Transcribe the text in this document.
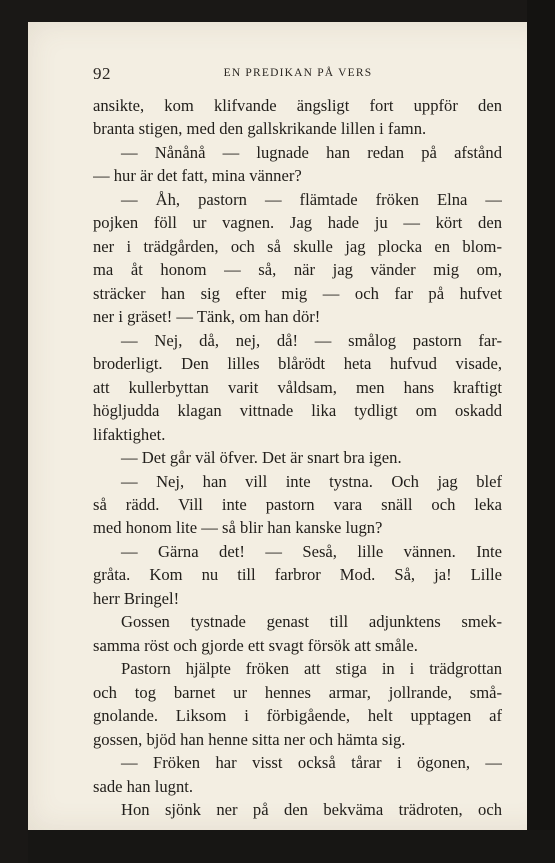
92	EN PREDIKAN PÅ VERS
ansikte, kom klifvande ängsligt fort uppför den
branta stigen, med den gallskrikande lillen i famn.
— Nånånå — lugnade han redan på afstånd
— hur är det fatt, mina vänner?
— Åh, pastorn — flämtade fröken Elna —
pojken föll ur vagnen. Jag hade ju — kört den
ner i trädgården, och så skulle jag plocka en blom-
ma åt honom — så, när jag vänder mig om,
sträcker han sig efter mig — och far på hufvet
ner i gräset! — Tänk, om han dör!
— Nej, då, nej, då! — smålog pastorn far-
broderligt. Den lilles blårödt heta hufvud visade,
att kullerbyttan varit våldsam, men hans kraftigt
högljudda klagan vittnade lika tydligt om oskadd
lifaktighet.
— Det går väl öfver. Det är snart bra igen.
— Nej, han vill inte tystna. Och jag blef
så rädd. Vill inte pastorn vara snäll och leka
med honom lite — så blir han kanske lugn?
— Gärna det! — Seså, lille vännen. Inte
gråta. Kom nu till farbror Mod. Så, ja! Lille
herr Bringel!
Gossen tystnade genast till adjunktens smek-
samma röst och gjorde ett svagt försök att småle.
Pastorn hjälpte fröken att stiga in i trädgrottan
och tog barnet ur hennes armar, jollrande, små-
gnolande. Liksom i förbigående, helt upptagen af
gossen, bjöd han henne sitta ner och hämta sig.
— Fröken har visst också tårar i ögonen, —
sade han lugnt.
Hon sjönk ner på den bekväma trädroten, och
